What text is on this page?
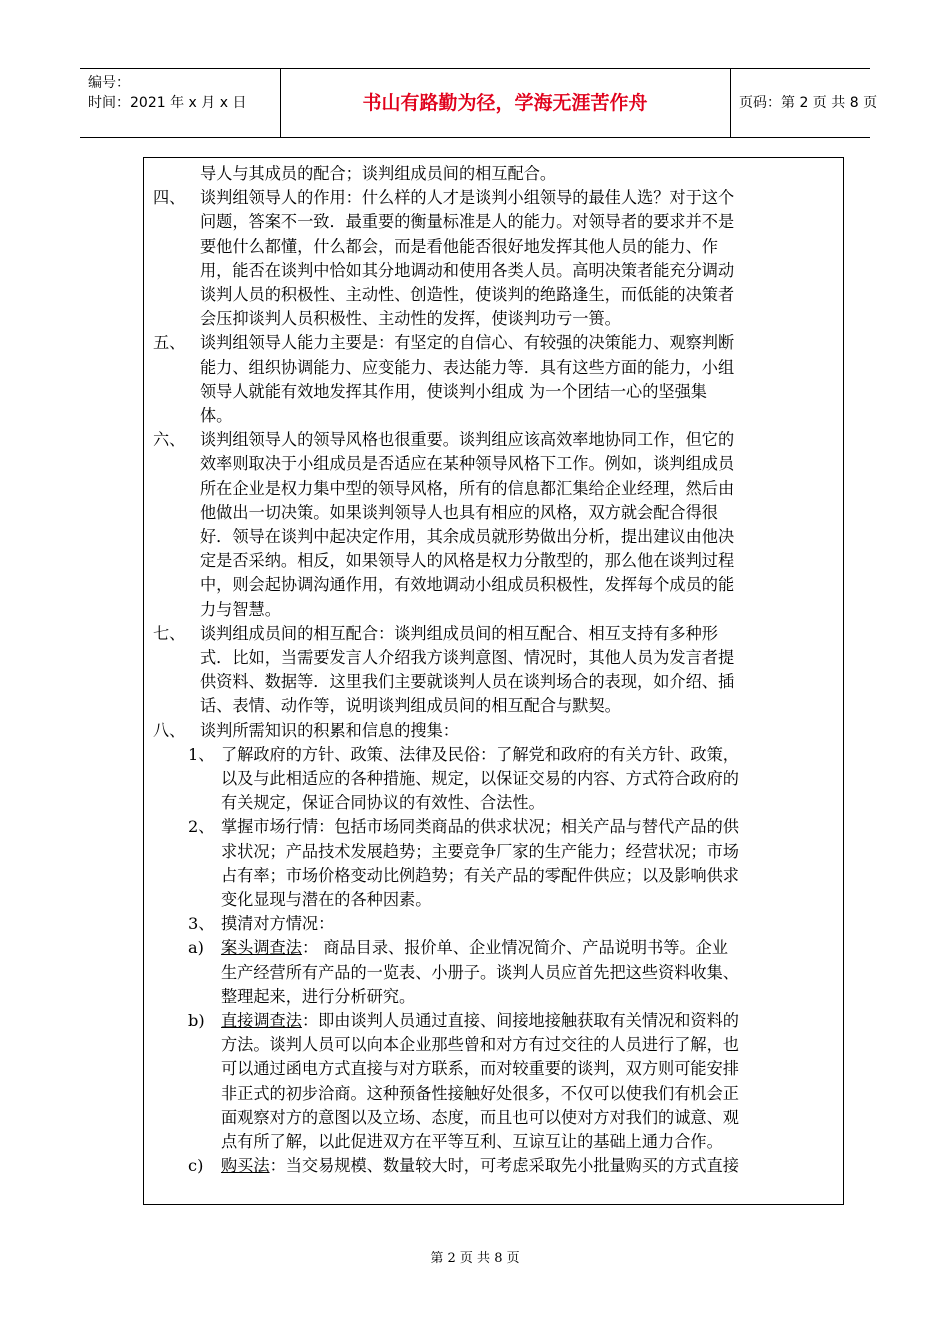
编号：
时间：2021 年 x 月 x 日	书山有路勤为径，学海无涯苦作舟	页码：第 2 页 共 8 页
导人与其成员的配合；谈判组成员间的相互配合。
四、 谈判组领导人的作用：什么样的人才是谈判小组领导的最佳人选？对于这个
问题，答案不一致．最重要的衡量标准是人的能力。对领导者的要求并不是
要他什么都懂，什么都会，而是看他能否很好地发挥其他人员的能力、作
用，能否在谈判中恰如其分地调动和使用各类人员。高明决策者能充分调动
谈判人员的积极性、主动性、创造性，使谈判的绝路逢生，而低能的决策者
会压抑谈判人员积极性、主动性的发挥，使谈判功亏一篑。
五、 谈判组领导人能力主要是：有坚定的自信心、有较强的决策能力、观察判断
能力、组织协调能力、应变能力、表达能力等．具有这些方面的能力，小组
领导人就能有效地发挥其作用，使谈判小组成 为一个团结一心的坚强集
体。
六、 谈判组领导人的领导风格也很重要。谈判组应该高效率地协同工作，但它的
效率则取决于小组成员是否适应在某种领导风格下工作。例如，谈判组成员
所在企业是权力集中型的领导风格，所有的信息都汇集给企业经理，然后由
他做出一切决策。如果谈判领导人也具有相应的风格，双方就会配合得很
好．领导在谈判中起决定作用，其余成员就形势做出分析，提出建议由他决
定是否采纳。相反，如果领导人的风格是权力分散型的，那么他在谈判过程
中，则会起协调沟通作用，有效地调动小组成员积极性，发挥每个成员的能
力与智慧。
七、 谈判组成员间的相互配合：谈判组成员间的相互配合、相互支持有多种形
式．比如，当需要发言人介绍我方谈判意图、情况时，其他人员为发言者提
供资料、数据等．这里我们主要就谈判人员在谈判场合的表现，如介绍、插
话、表情、动作等，说明谈判组成员间的相互配合与默契。
八、 谈判所需知识的积累和信息的搜集：
1、 了解政府的方针、政策、法律及民俗：了解党和政府的有关方针、政策，
以及与此相适应的各种措施、规定，以保证交易的内容、方式符合政府的
有关规定，保证合同协议的有效性、合法性。
2、 掌握市场行情：包括市场同类商品的供求状况；相关产品与替代产品的供
求状况；产品技术发展趋势；主要竞争厂家的生产能力；经营状况；市场
占有率；市场价格变动比例趋势；有关产品的零配件供应；以及影响供求
变化显现与潜在的各种因素。
3、 摸清对方情况：
a) 案头调查法： 商品目录、报价单、企业情况简介、产品说明书等。企业
生产经营所有产品的一览表、小册子。谈判人员应首先把这些资料收集、
整理起来，进行分析研究。
b) 直接调查法：即由谈判人员通过直接、间接地接触获取有关情况和资料的
方法。谈判人员可以向本企业那些曾和对方有过交往的人员进行了解，也
可以通过函电方式直接与对方联系，而对较重要的谈判，双方则可能安排
非正式的初步洽商。这种预备性接触好处很多，不仅可以使我们有机会正
面观察对方的意图以及立场、态度，而且也可以使对方对我们的诚意、观
点有所了解，以此促进双方在平等互利、互谅互让的基础上通力合作。
c) 购买法：当交易规模、数量较大时，可考虑采取先小批量购买的方式直接
第 2 页 共 8 页
